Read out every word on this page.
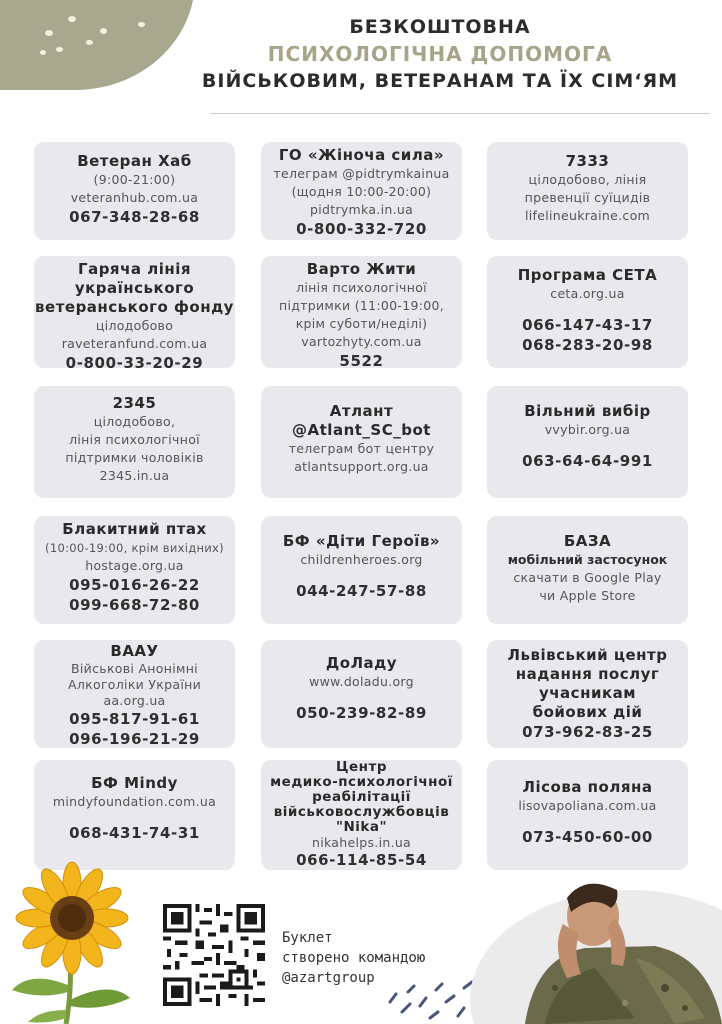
БЕЗКОШТОВНА
ПСИХОЛОГІЧНА ДОПОМОГА
ВІЙСЬКОВИМ, ВЕТЕРАНАМ ТА ЇХ СІМ‘ЯМ
Ветеран Хаб
(9:00-21:00)
veteranhub.com.ua
067-348-28-68
ГО «Жіноча сила»
телеграм @pidtrymkainua
(щодня 10:00-20:00)
pidtrymka.in.ua
0-800-332-720
7333
цілодобово, лінія
превенції суїцидів
lifelineukraine.com
Гаряча лінія
українського
ветеранського фонду
цілодобово
raveteranfund.com.ua
0-800-33-20-29
Варто Жити
лінія психологічної
підтримки (11:00-19:00,
крім суботи/неділі)
vartozhyty.com.ua
5522
Програма СЕТА
ceta.org.ua
066-147-43-17
068-283-20-98
2345
цілодобово,
лінія психологічної
підтримки чоловіків
2345.in.ua
Атлант
@Atlant_SC_bot
телеграм бот центру
atlantsupport.org.ua
Вільний вибір
vvybir.org.ua
063-64-64-991
Блакитний птах
(10:00-19:00, крім вихідних)
hostage.org.ua
095-016-26-22
099-668-72-80
БФ «Діти Героїв»
childrenheroes.org
044-247-57-88
БАЗА
мобільний застосунок
скачати в Google Play
чи Apple Store
ВААУ
Військові Анонімні
Алкоголіки України
aa.org.ua
095-817-91-61
096-196-21-29
ДоЛаду
www.doladu.org
050-239-82-89
Львівський центр
надання послуг
учасникам
бойових дій
073-962-83-25
БФ Mindy
mindyfoundation.com.ua
068-431-74-31
Центр
медико-психологічної
реабілітації
військовослужбовців
"Nika"
nikahelps.in.ua
066-114-85-54
Лісова поляна
lisovapoliana.com.ua
073-450-60-00
Буклет
створено командою
@azartgroup
